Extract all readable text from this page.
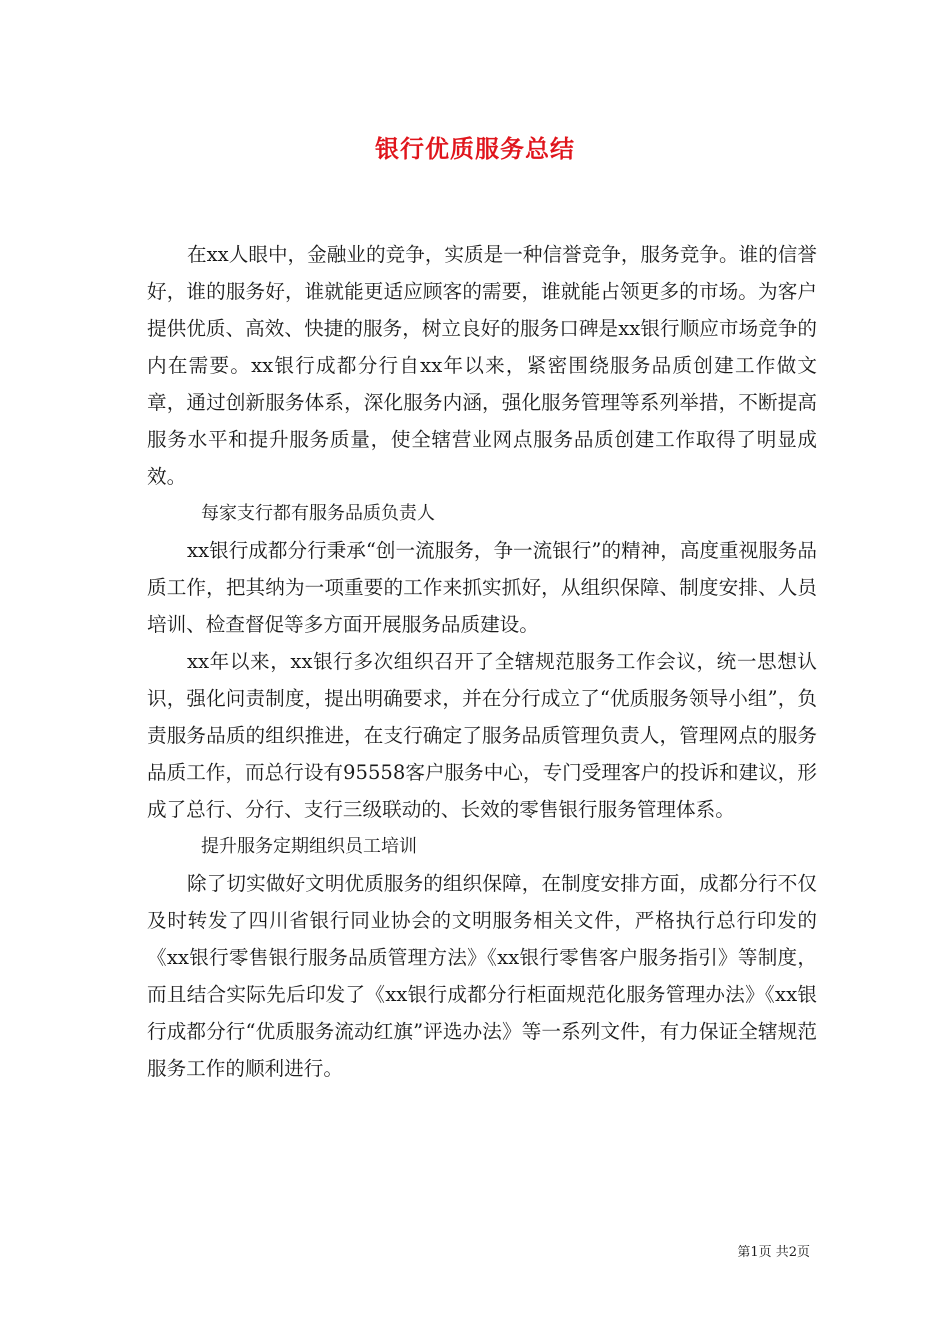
银行优质服务总结

在xx人眼中，金融业的竞争，实质是一种信誉竞争，服务竞争。谁的信誉好，谁的服务好，谁就能更适应顾客的需要，谁就能占领更多的市场。为客户提供优质、高效、快捷的服务，树立良好的服务口碑是xx银行顺应市场竞争的内在需要。xx银行成都分行自xx年以来，紧密围绕服务品质创建工作做文章，通过创新服务体系，深化服务内涵，强化服务管理等系列举措，不断提高服务水平和提升服务质量，使全辖营业网点服务品质创建工作取得了明显成效。

每家支行都有服务品质负责人

xx银行成都分行秉承“创一流服务，争一流银行”的精神，高度重视服务品质工作，把其纳为一项重要的工作来抓实抓好，从组织保障、制度安排、人员培训、检查督促等多方面开展服务品质建设。

xx年以来，xx银行多次组织召开了全辖规范服务工作会议，统一思想认识，强化问责制度，提出明确要求，并在分行成立了“优质服务领导小组”，负责服务品质的组织推进，在支行确定了服务品质管理负责人，管理网点的服务品质工作，而总行设有95558客户服务中心，专门受理客户的投诉和建议，形成了总行、分行、支行三级联动的、长效的零售银行服务管理体系。

提升服务定期组织员工培训

除了切实做好文明优质服务的组织保障，在制度安排方面，成都分行不仅及时转发了四川省银行同业协会的文明服务相关文件，严格执行总行印发的《xx银行零售银行服务品质管理方法》《xx银行零售客户服务指引》等制度，而且结合实际先后印发了《xx银行成都分行柜面规范化服务管理办法》《xx银行成都分行“优质服务流动红旗”评选办法》等一系列文件，有力保证全辖规范服务工作的顺利进行。

第1页 共2页
